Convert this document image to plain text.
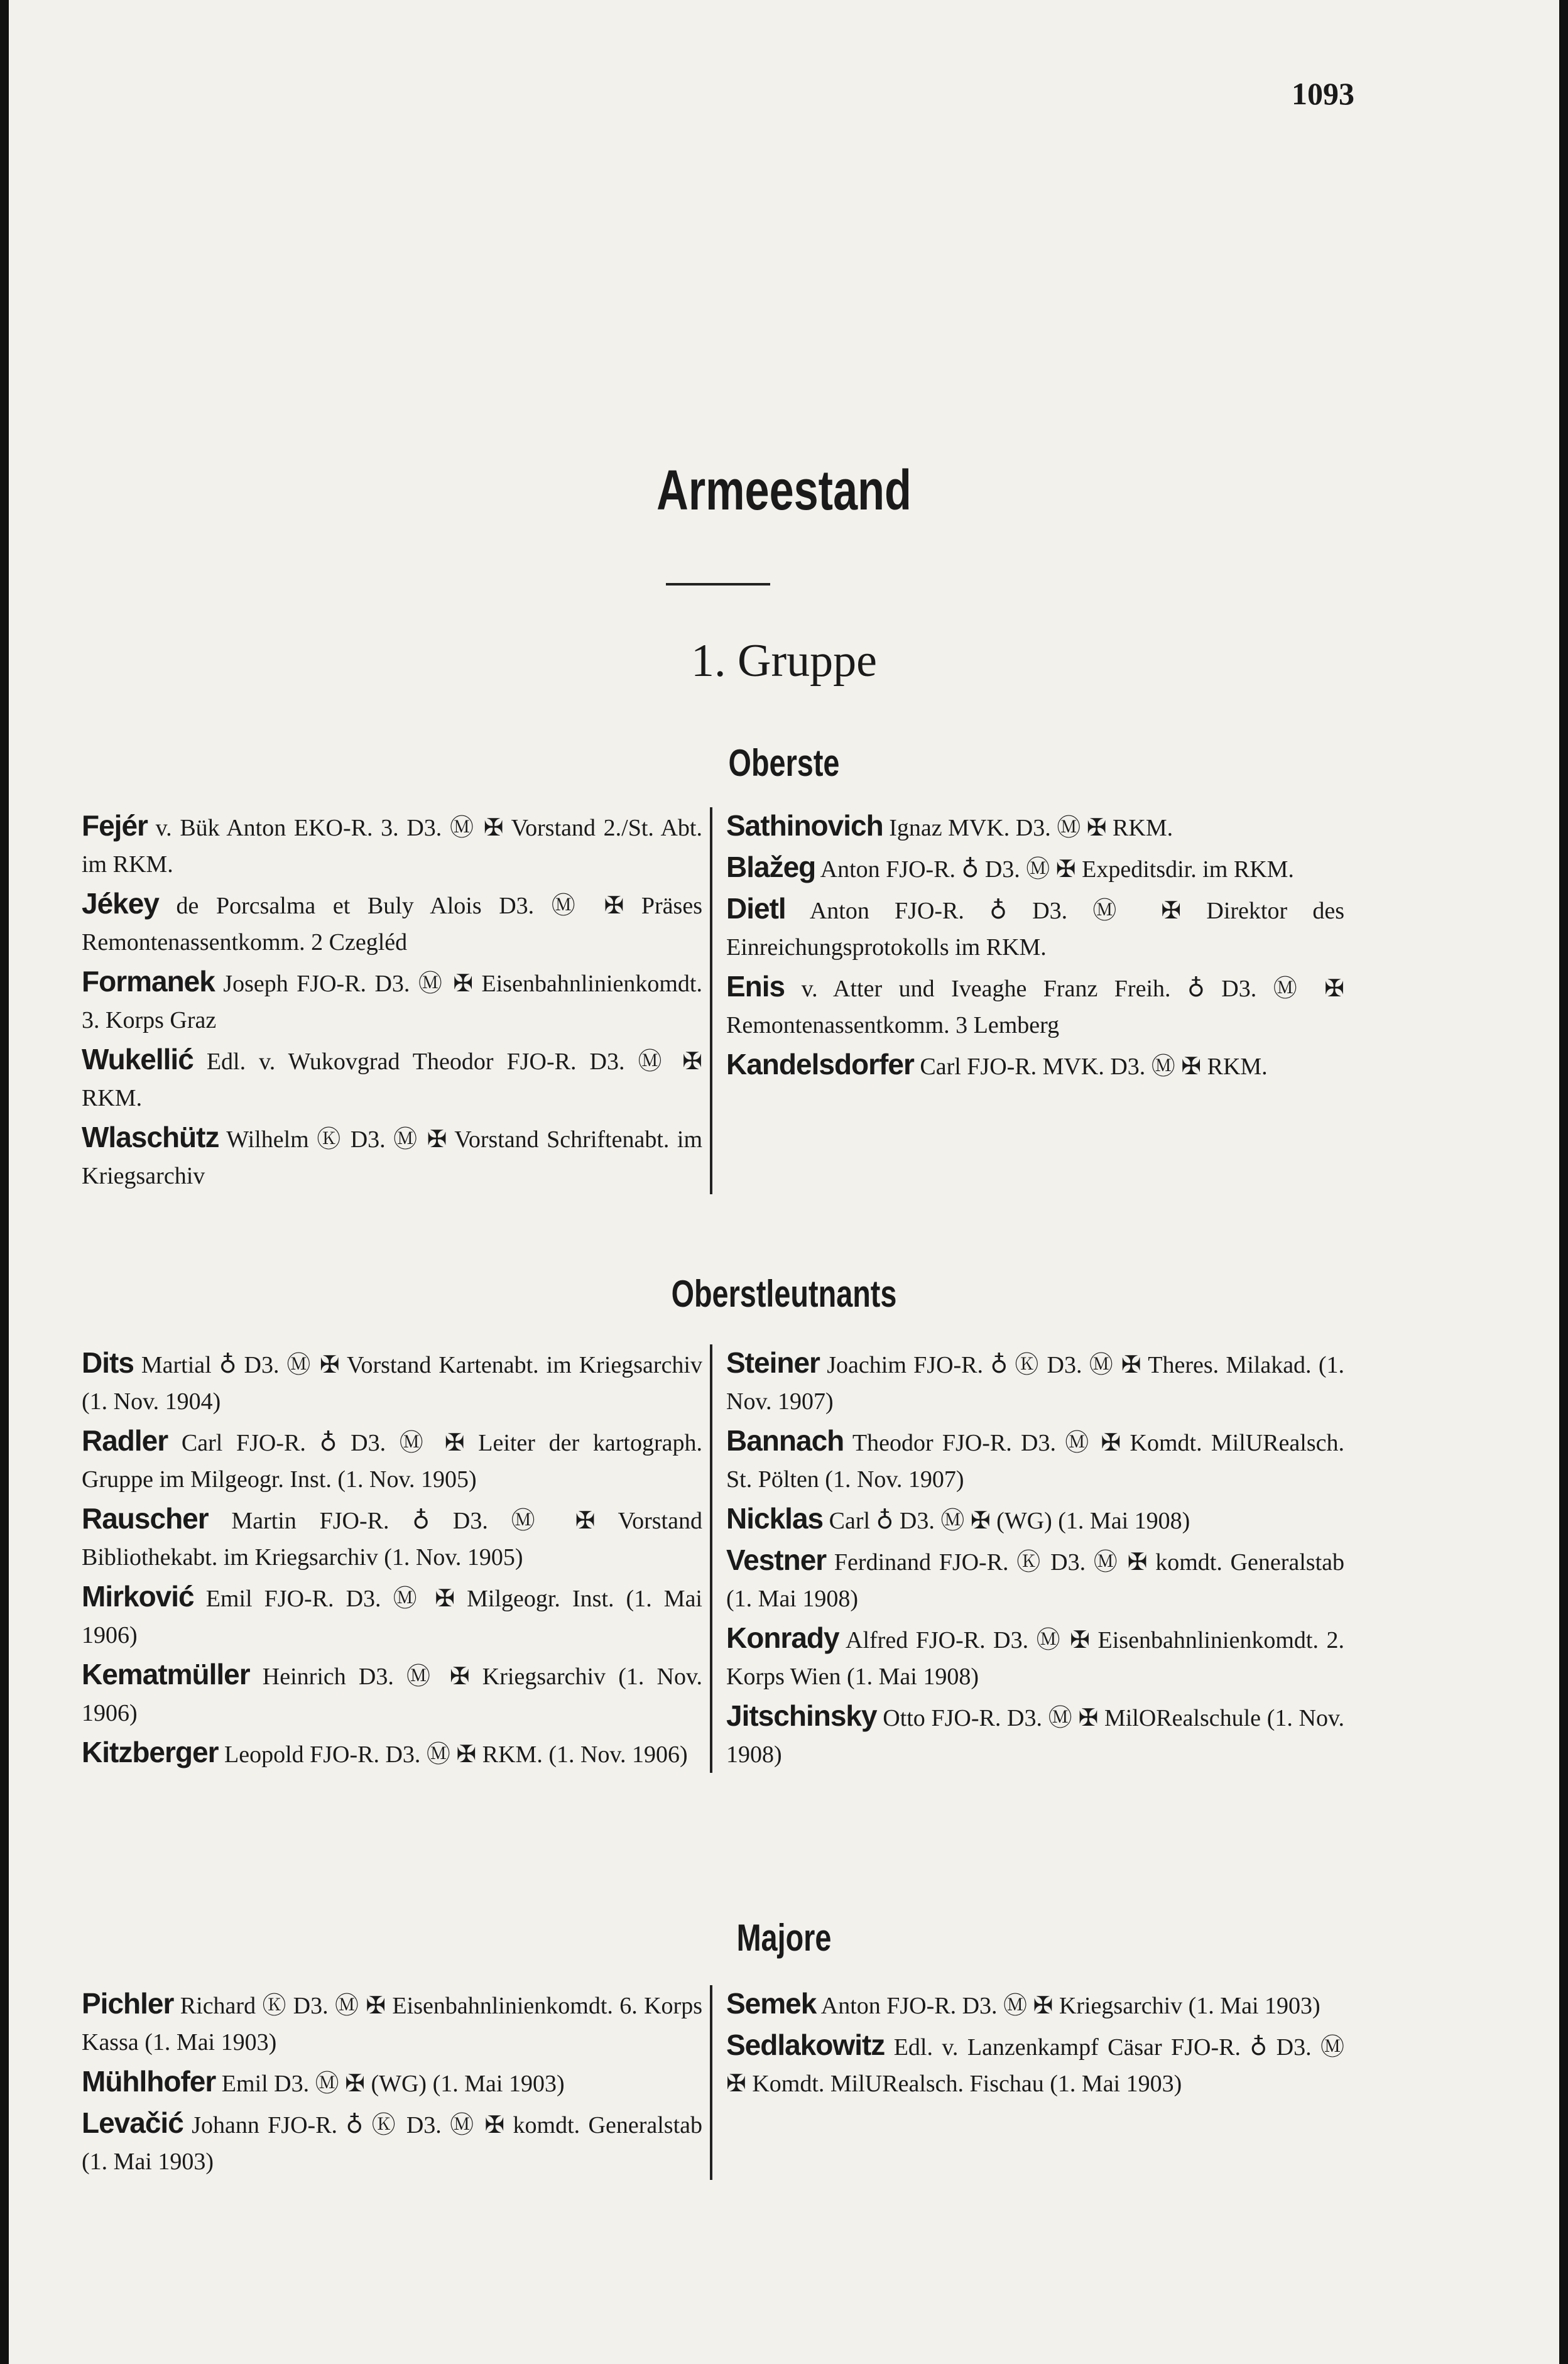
1093
Armeestand
1. Gruppe
Oberste
Fejér v. Bük Anton EKO-R. 3. D3. Ⓜ ✠ Vorstand 2./St. Abt. im RKM.
Jékey de Porcsalma et Buly Alois D3. Ⓜ ✠ Präses Remontenassentkomm. 2 Czegléd
Formanek Joseph FJO-R. D3. Ⓜ ✠ Eisenbahnlinienkomdt. 3. Korps Graz
Wukellić Edl. v. Wukovgrad Theodor FJO-R. D3. Ⓜ ✠ RKM.
Wlaschütz Wilhelm Ⓚ D3. Ⓜ ✠ Vorstand Schriftenabt. im Kriegsarchiv
Sathinovich Ignaz MVK. D3. Ⓜ ✠ RKM.
Blažeg Anton FJO-R. ♁ D3. Ⓜ ✠ Expeditsdir. im RKM.
Dietl Anton FJO-R. ♁ D3. Ⓜ ✠ Direktor des Einreichungsprotokolls im RKM.
Enis v. Atter und Iveaghe Franz Freih. ♁ D3. Ⓜ ✠ Remontenassentkomm. 3 Lemberg
Kandelsdorfer Carl FJO-R. MVK. D3. Ⓜ ✠ RKM.
Oberstleutnants
Dits Martial ♁ D3. Ⓜ ✠ Vorstand Kartenabt. im Kriegsarchiv (1. Nov. 1904)
Radler Carl FJO-R. ♁ D3. Ⓜ ✠ Leiter der kartograph. Gruppe im Milgeogr. Inst. (1. Nov. 1905)
Rauscher Martin FJO-R. ♁ D3. Ⓜ ✠ Vorstand Bibliothekabt. im Kriegsarchiv (1. Nov. 1905)
Mirković Emil FJO-R. D3. Ⓜ ✠ Milgeogr. Inst. (1. Mai 1906)
Kematmüller Heinrich D3. Ⓜ ✠ Kriegsarchiv (1. Nov. 1906)
Kitzberger Leopold FJO-R. D3. Ⓜ ✠ RKM. (1. Nov. 1906)
Steiner Joachim FJO-R. ♁ Ⓚ D3. Ⓜ ✠ Theres. Milakad. (1. Nov. 1907)
Bannach Theodor FJO-R. D3. Ⓜ ✠ Komdt. MilURealsch. St. Pölten (1. Nov. 1907)
Nicklas Carl ♁ D3. Ⓜ ✠ (WG) (1. Mai 1908)
Vestner Ferdinand FJO-R. Ⓚ D3. Ⓜ ✠ komdt. Generalstab (1. Mai 1908)
Konrady Alfred FJO-R. D3. Ⓜ ✠ Eisenbahnlinienkomdt. 2. Korps Wien (1. Mai 1908)
Jitschinsky Otto FJO-R. D3. Ⓜ ✠ MilORealschule (1. Nov. 1908)
Majore
Pichler Richard Ⓚ D3. Ⓜ ✠ Eisenbahnlinienkomdt. 6. Korps Kassa (1. Mai 1903)
Mühlhofer Emil D3. Ⓜ ✠ (WG) (1. Mai 1903)
Levačić Johann FJO-R. ♁ Ⓚ D3. Ⓜ ✠ komdt. Generalstab (1. Mai 1903)
Semek Anton FJO-R. D3. Ⓜ ✠ Kriegsarchiv (1. Mai 1903)
Sedlakowitz Edl. v. Lanzenkampf Cäsar FJO-R. ♁ D3. Ⓜ ✠ Komdt. MilURealsch. Fischau (1. Mai 1903)
